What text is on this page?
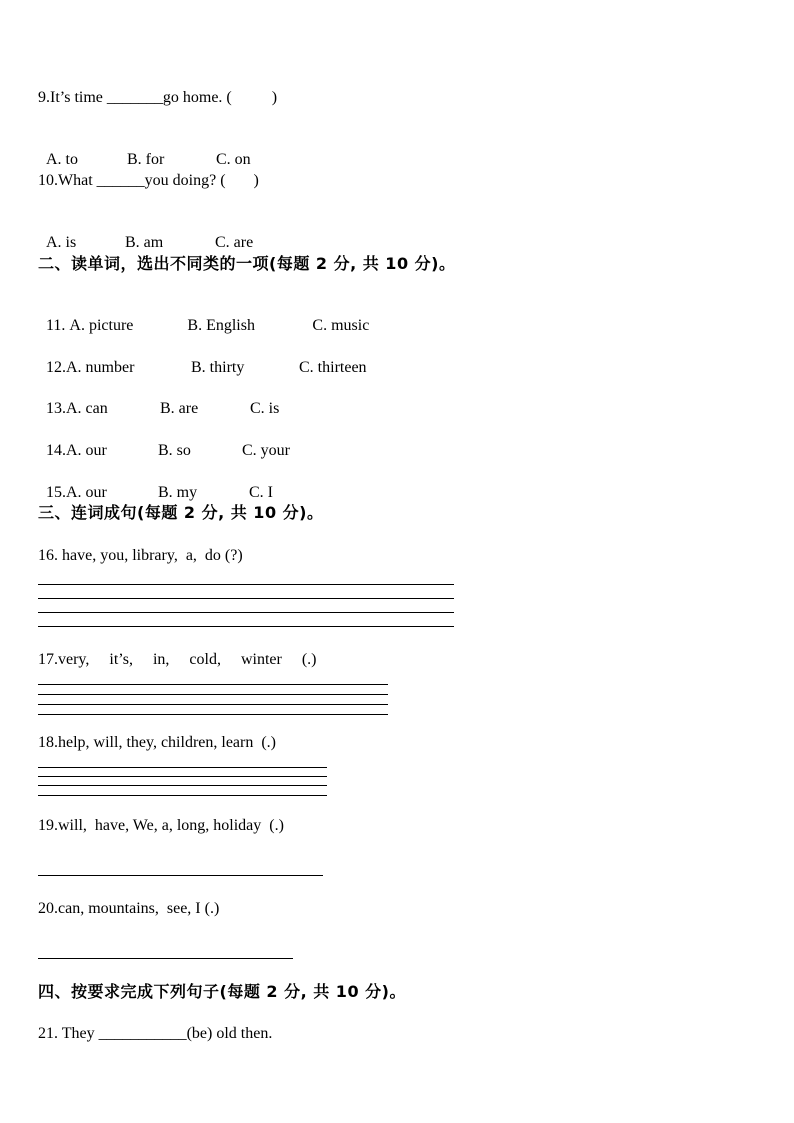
9.It’s time _______go home. (          )

A. to	B. for	C. on

10.What ______you doing? (       )

A. is	B. am	C. are

二、读单词，选出不同类的一项(每题 2 分, 共 10 分)。

11. A. picture	B. English	C. music

12.A. number	B. thirty	C. thirteen

13.A. can	B. are	C. is

14.A. our	B. so	C. your

15.A. our	B. my	C. I

三、连词成句(每题 2 分, 共 10 分)。
16. have, you, library,  a,  do (?)
17.very,     it’s,     in,     cold,     winter     (.)
18.help, will, they, children, learn  (.)
19.will,  have, We, a, long, holiday  (.)
20.can, mountains,  see, I (.)
四、按要求完成下列句子(每题 2 分, 共 10 分)。
21. They ___________(be) old then.
